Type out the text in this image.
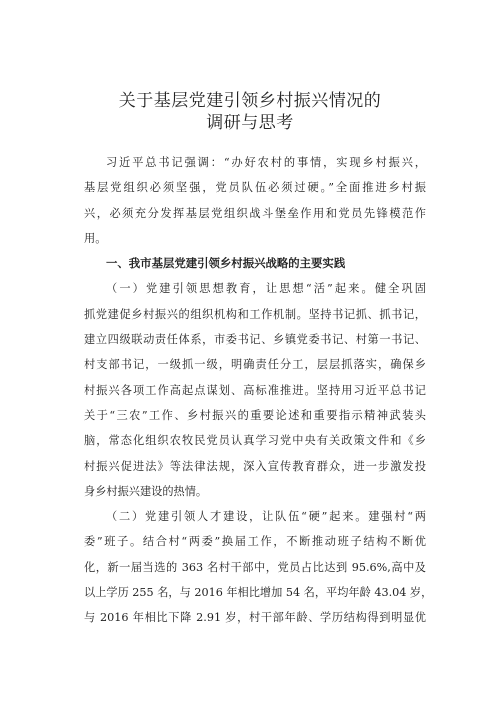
关于基层党建引领乡村振兴情况的
调研与思考
习近平总书记强调：“办好农村的事情，实现乡村振兴，
基层党组织必须坚强，党员队伍必须过硬。”全面推进乡村振
兴，必须充分发挥基层党组织战斗堡垒作用和党员先锋模范作
用。
一、我市基层党建引领乡村振兴战略的主要实践
（一）党建引领思想教育，让思想“活”起来。健全巩固
抓党建促乡村振兴的组织机构和工作机制。坚持书记抓、抓书记，
建立四级联动责任体系，市委书记、乡镇党委书记、村第一书记、
村支部书记，一级抓一级，明确责任分工，层层抓落实，确保乡
村振兴各项工作高起点谋划、高标准推进。坚持用习近平总书记
关于“三农”工作、乡村振兴的重要论述和重要指示精神武装头
脑，常态化组织农牧民党员认真学习党中央有关政策文件和《乡
村振兴促进法》等法律法规，深入宣传教育群众，进一步激发投
身乡村振兴建设的热情。
（二）党建引领人才建设，让队伍“硬”起来。建强村“两
委”班子。结合村“两委”换届工作，不断推动班子结构不断优
化，新一届当选的 363 名村干部中，党员占比达到 95.6%,高中及
以上学历 255 名，与 2016 年相比增加 54 名，平均年龄 43.04 岁，
与 2016 年相比下降 2.91 岁，村干部年龄、学历结构得到明显优
